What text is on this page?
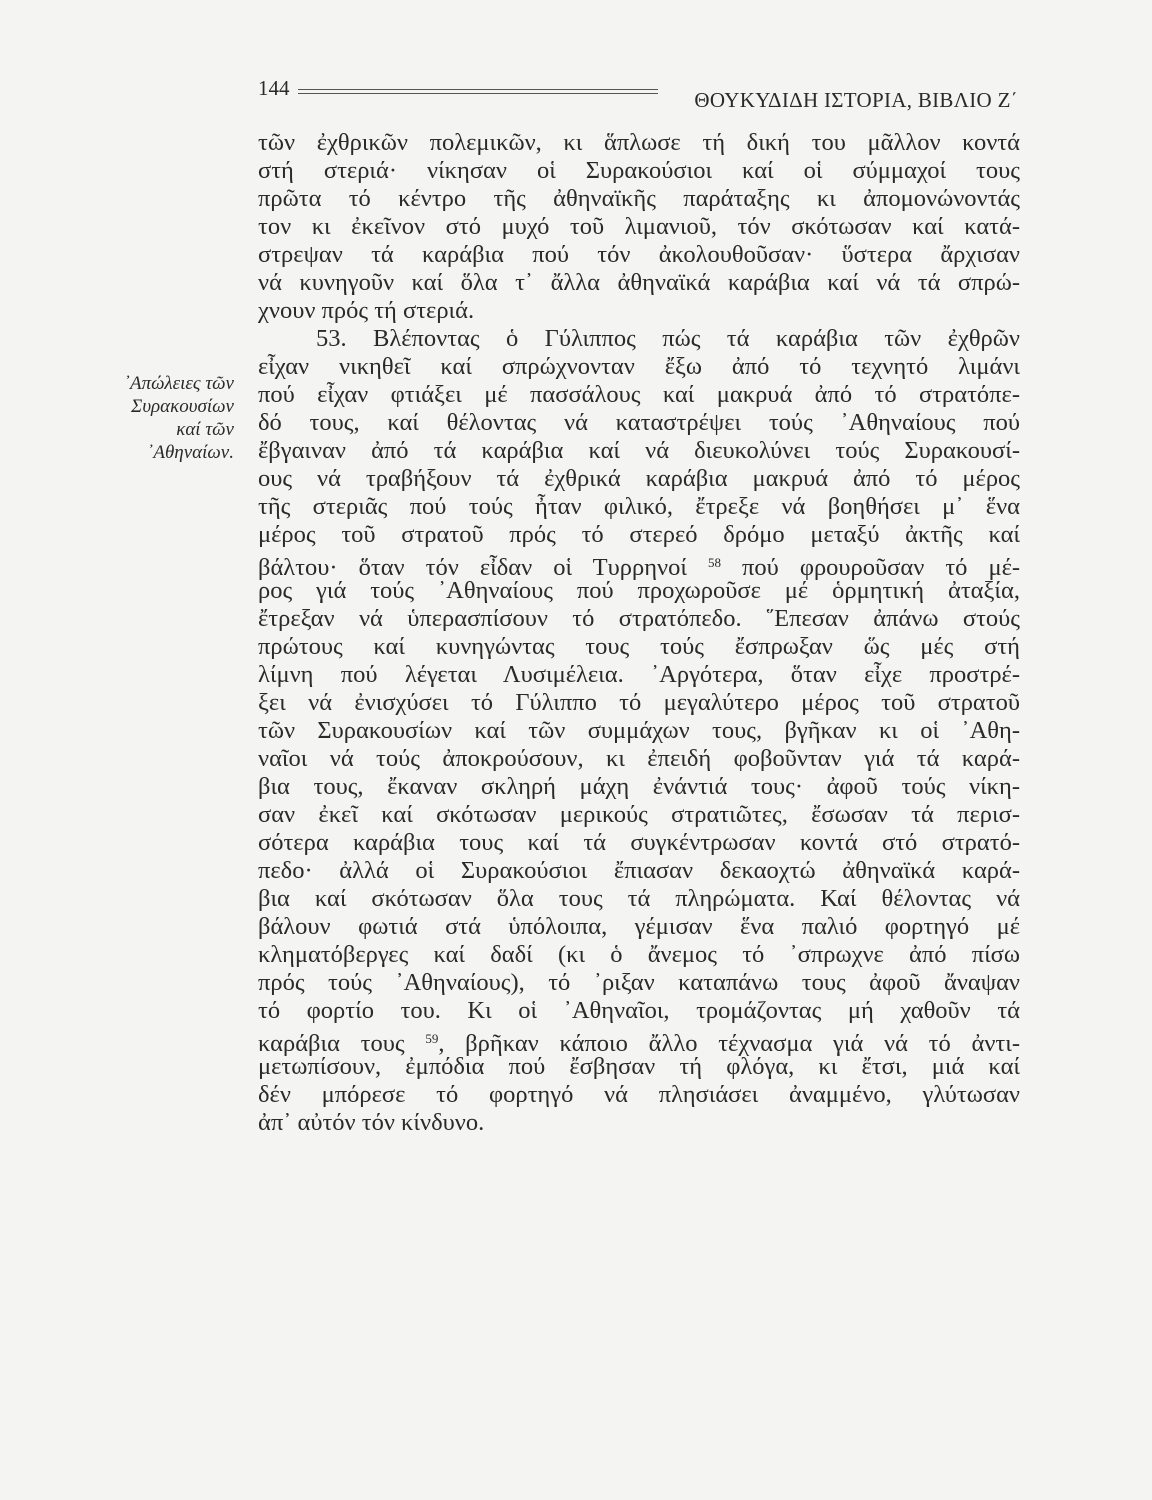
144	ΘΟΥΚΥΔΙΔΗ ΙΣΤΟΡΙΑ, ΒΙΒΛΙΟ Ζ΄
᾿Απώλειες τῶν
Συρακουσίων
καί τῶν
᾿Αθηναίων.
τῶν ἐχθρικῶν πολεμικῶν, κι ἅπλωσε τή δική του μᾶλλον κοντά
στή στεριά· νίκησαν οἱ Συρακούσιοι καί οἱ σύμμαχοί τους
πρῶτα τό κέντρο τῆς ἀθηναϊκῆς παράταξης κι ἀπομονώνοντάς
τον κι ἐκεῖνον στό μυχό τοῦ λιμανιοῦ, τόν σκότωσαν καί κατά-
στρεψαν τά καράβια πού τόν ἀκολουθοῦσαν· ὕστερα ἄρχισαν
νά κυνηγοῦν καί ὅλα τ᾿ ἄλλα ἀθηναϊκά καράβια καί νά τά σπρώ-
χνουν πρός τή στεριά.
53. Βλέποντας ὁ Γύλιππος πώς τά καράβια τῶν ἐχθρῶν
εἶχαν νικηθεῖ καί σπρώχνονταν ἔξω ἀπό τό τεχνητό λιμάνι
πού εἶχαν φτιάξει μέ πασσάλους καί μακρυά ἀπό τό στρατόπε-
δό τους, καί θέλοντας νά καταστρέψει τούς ᾿Αθηναίους πού
ἔβγαιναν ἀπό τά καράβια καί νά διευκολύνει τούς Συρακουσί-
ους νά τραβήξουν τά ἐχθρικά καράβια μακρυά ἀπό τό μέρος
τῆς στεριᾶς πού τούς ἦταν φιλικό, ἔτρεξε νά βοηθήσει μ᾿ ἕνα
μέρος τοῦ στρατοῦ πρός τό στερεό δρόμο μεταξύ ἀκτῆς καί
βάλτου· ὅταν τόν εἶδαν οἱ Τυρρηνοί $^{58}$ πού φρουροῦσαν τό μέ-
ρος γιά τούς ᾿Αθηναίους πού προχωροῦσε μέ ὁρμητική ἀταξία,
ἔτρεξαν νά ὑπερασπίσουν τό στρατόπεδο. ῞Επεσαν ἀπάνω στούς
πρώτους καί κυνηγώντας τους τούς ἔσπρωξαν ὥς μές στή
λίμνη πού λέγεται Λυσιμέλεια. ᾿Αργότερα, ὅταν εἶχε προστρέ-
ξει νά ἐνισχύσει τό Γύλιππο τό μεγαλύτερο μέρος τοῦ στρατοῦ
τῶν Συρακουσίων καί τῶν συμμάχων τους, βγῆκαν κι οἱ ᾿Αθη-
ναῖοι νά τούς ἀποκρούσουν, κι ἐπειδή φοβοῦνταν γιά τά καρά-
βια τους, ἔκαναν σκληρή μάχη ἐνάντιά τους· ἀφοῦ τούς νίκη-
σαν ἐκεῖ καί σκότωσαν μερικούς στρατιῶτες, ἔσωσαν τά περισ-
σότερα καράβια τους καί τά συγκέντρωσαν κοντά στό στρατό-
πεδο· ἀλλά οἱ Συρακούσιοι ἔπιασαν δεκαοχτώ ἀθηναϊκά καρά-
βια καί σκότωσαν ὅλα τους τά πληρώματα. Καί θέλοντας νά
βάλουν φωτιά στά ὑπόλοιπα, γέμισαν ἕνα παλιό φορτηγό μέ
κληματόβεργες καί δαδί (κι ὁ ἄνεμος τό ᾿σπρωχνε ἀπό πίσω
πρός τούς ᾿Αθηναίους), τό ᾿ριξαν καταπάνω τους ἀφοῦ ἄναψαν
τό φορτίο του. Κι οἱ ᾿Αθηναῖοι, τρομάζοντας μή χαθοῦν τά
καράβια τους $^{59}$, βρῆκαν κάποιο ἄλλο τέχνασμα γιά νά τό ἀντι-
μετωπίσουν, ἐμπόδια πού ἔσβησαν τή φλόγα, κι ἔτσι, μιά καί
δέν μπόρεσε τό φορτηγό νά πλησιάσει ἀναμμένο, γλύτωσαν
ἀπ᾿ αὐτόν τόν κίνδυνο.
